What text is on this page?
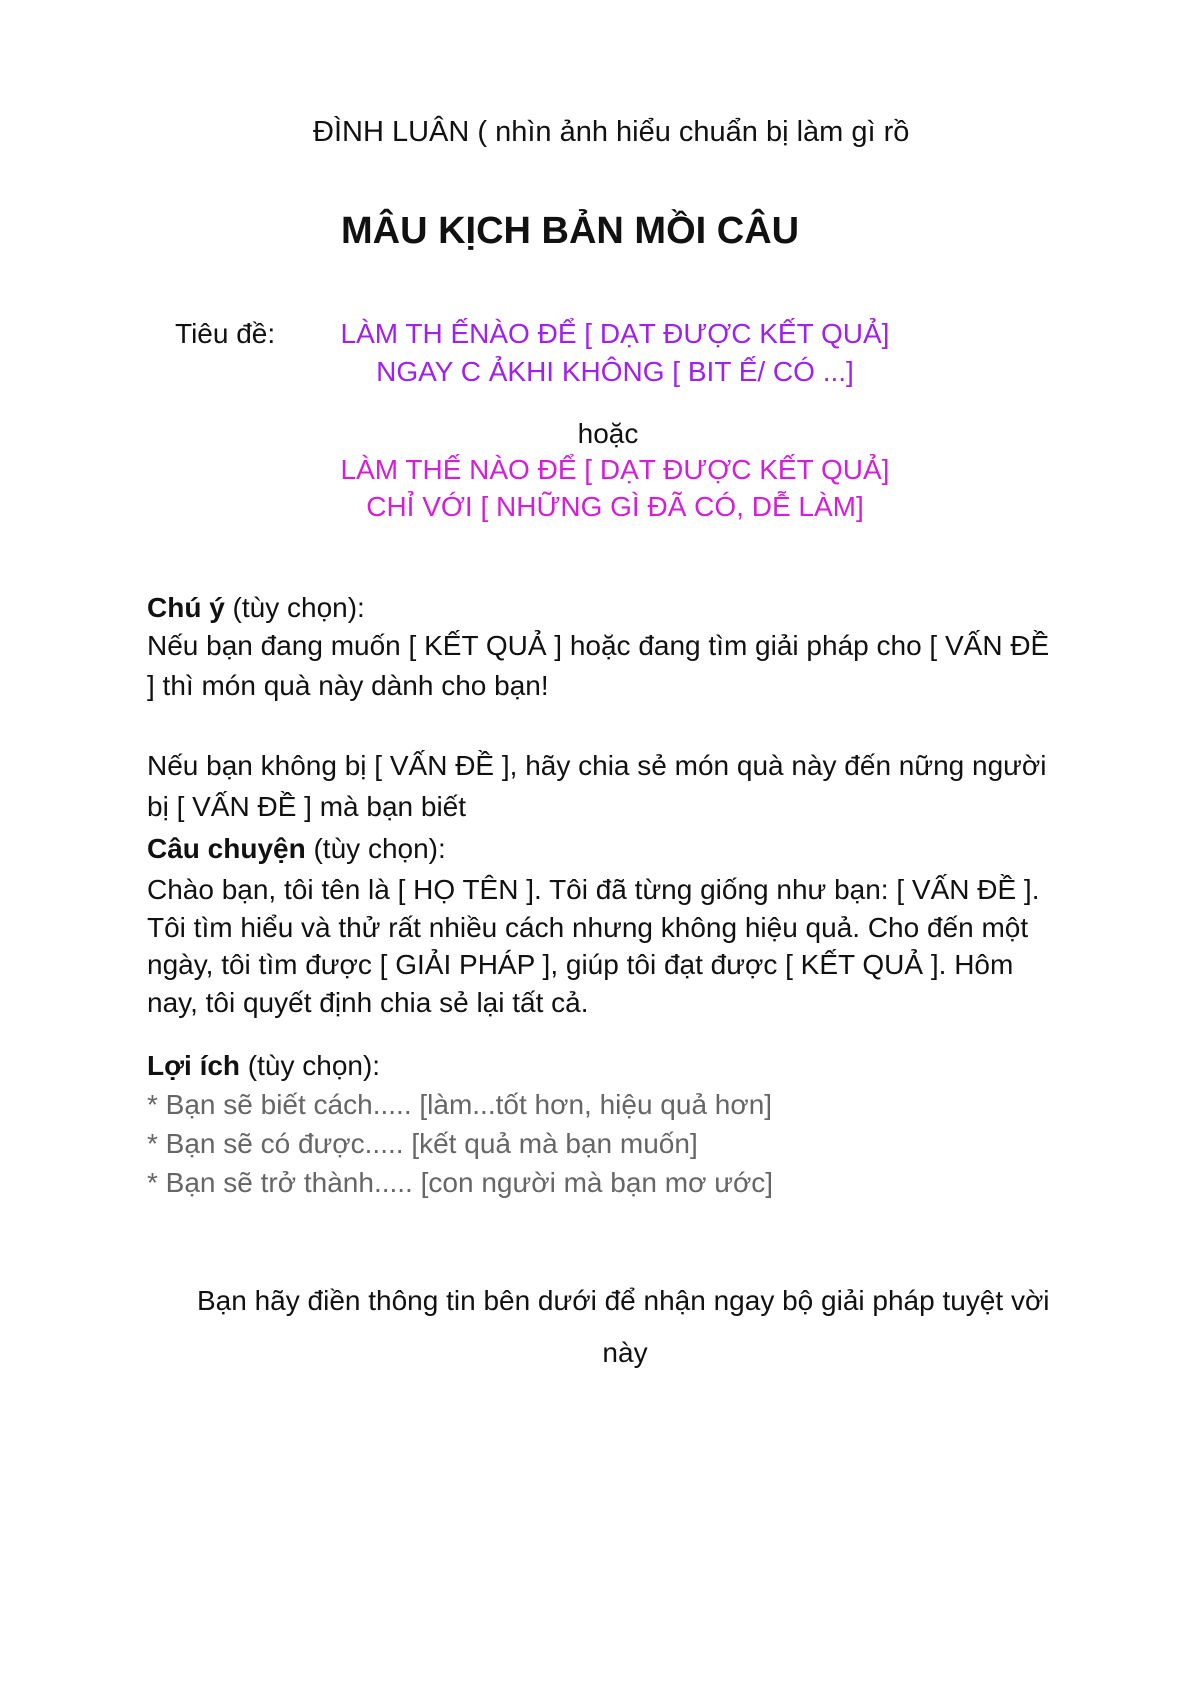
ĐÌNH LUÂN ( nhìn ảnh hiểu chuẩn bị làm gì rồ
MÂU KỊCH BẢN MỒI CÂU
Tiêu đề:	LÀM TH ẾNÀO ĐỂ [ DẠT ĐƯỢC KẾT QUẢ]
NGAY C ẢKHI KHÔNG [ BIT Ế/ CÓ ...]
hoặc
LÀM THẾ NÀO ĐỂ [ DẠT ĐƯỢC KẾT QUẢ]
CHỈ VỚI [ NHỮNG GÌ ĐÃ CÓ, DỄ LÀM]
Chú ý (tùy chọn):
Nếu bạn đang muốn [ KẾT QUẢ ] hoặc đang tìm giải pháp cho [ VẤN ĐỀ
] thì món quà này dành cho bạn!
Nếu bạn không bị [ VẤN ĐỀ ], hãy chia sẻ món quà này đến nững người
bị [ VẤN ĐỀ ] mà bạn biết
Câu chuyện (tùy chọn):
Chào bạn, tôi tên là [ HỌ TÊN ]. Tôi đã từng giống như bạn: [ VẤN ĐỀ ].
Tôi tìm hiểu và thử rất nhiều cách nhưng không hiệu quả. Cho đến một
ngày, tôi tìm được [ GIẢI PHÁP ], giúp tôi đạt được [ KẾT QUẢ ]. Hôm
nay, tôi quyết định chia sẻ lại tất cả.
Lợi ích (tùy chọn):
* Bạn sẽ biết cách..... [làm...tốt hơn, hiệu quả hơn]
* Bạn sẽ có được..... [kết quả mà bạn muốn]
* Bạn sẽ trở thành..... [con người mà bạn mơ ước]
Bạn hãy điền thông tin bên dưới để nhận ngay bộ giải pháp tuyệt vời
này
